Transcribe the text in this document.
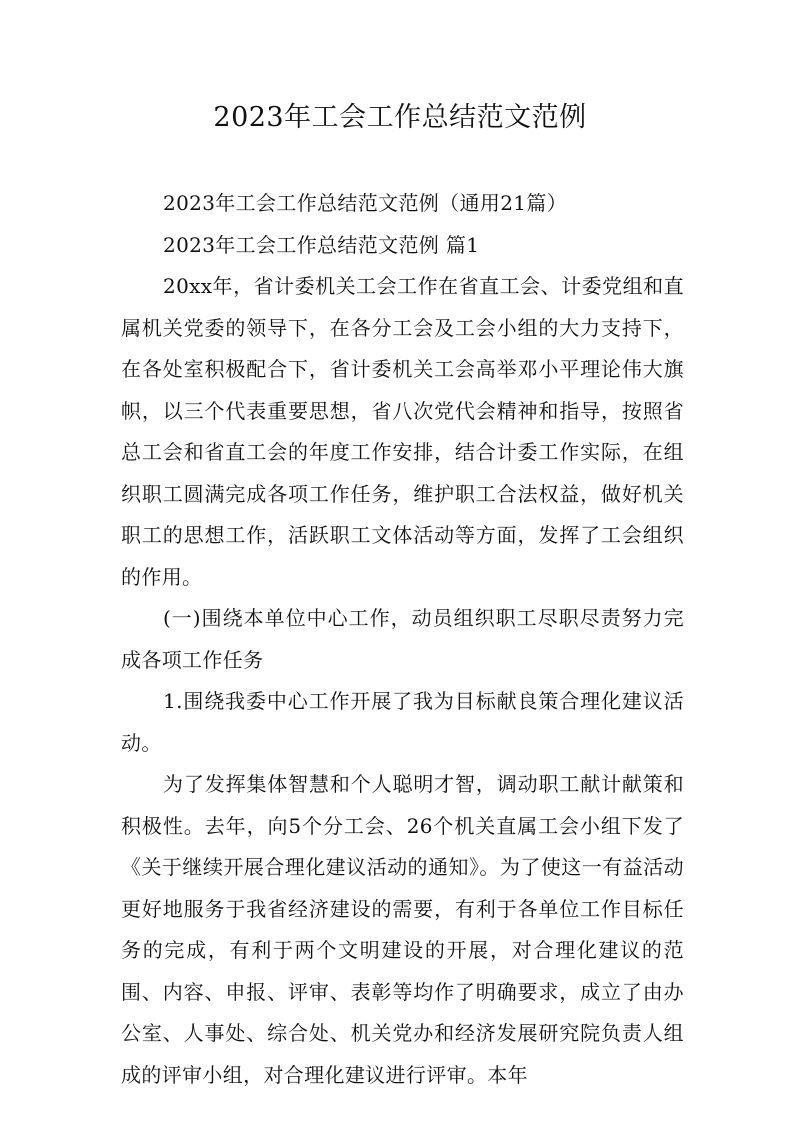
2023年工会工作总结范文范例

2023年工会工作总结范文范例（通用21篇）

2023年工会工作总结范文范例 篇1

20xx年，省计委机关工会工作在省直工会、计委党组和直属机关党委的领导下，在各分工会及工会小组的大力支持下，在各处室积极配合下，省计委机关工会高举邓小平理论伟大旗帜，以三个代表重要思想，省八次党代会精神和指导，按照省总工会和省直工会的年度工作安排，结合计委工作实际，在组织职工圆满完成各项工作任务，维护职工合法权益，做好机关职工的思想工作，活跃职工文体活动等方面，发挥了工会组织的作用。

(一)围绕本单位中心工作，动员组织职工尽职尽责努力完成各项工作任务

1.围绕我委中心工作开展了我为目标献良策合理化建议活动。

为了发挥集体智慧和个人聪明才智，调动职工献计献策和积极性。去年，向5个分工会、26个机关直属工会小组下发了《关于继续开展合理化建议活动的通知》。为了使这一有益活动更好地服务于我省经济建设的需要，有利于各单位工作目标任务的完成，有利于两个文明建设的开展，对合理化建议的范围、内容、申报、评审、表彰等均作了明确要求，成立了由办公室、人事处、综合处、机关党办和经济发展研究院负责人组成的评审小组，对合理化建议进行评审。本年
